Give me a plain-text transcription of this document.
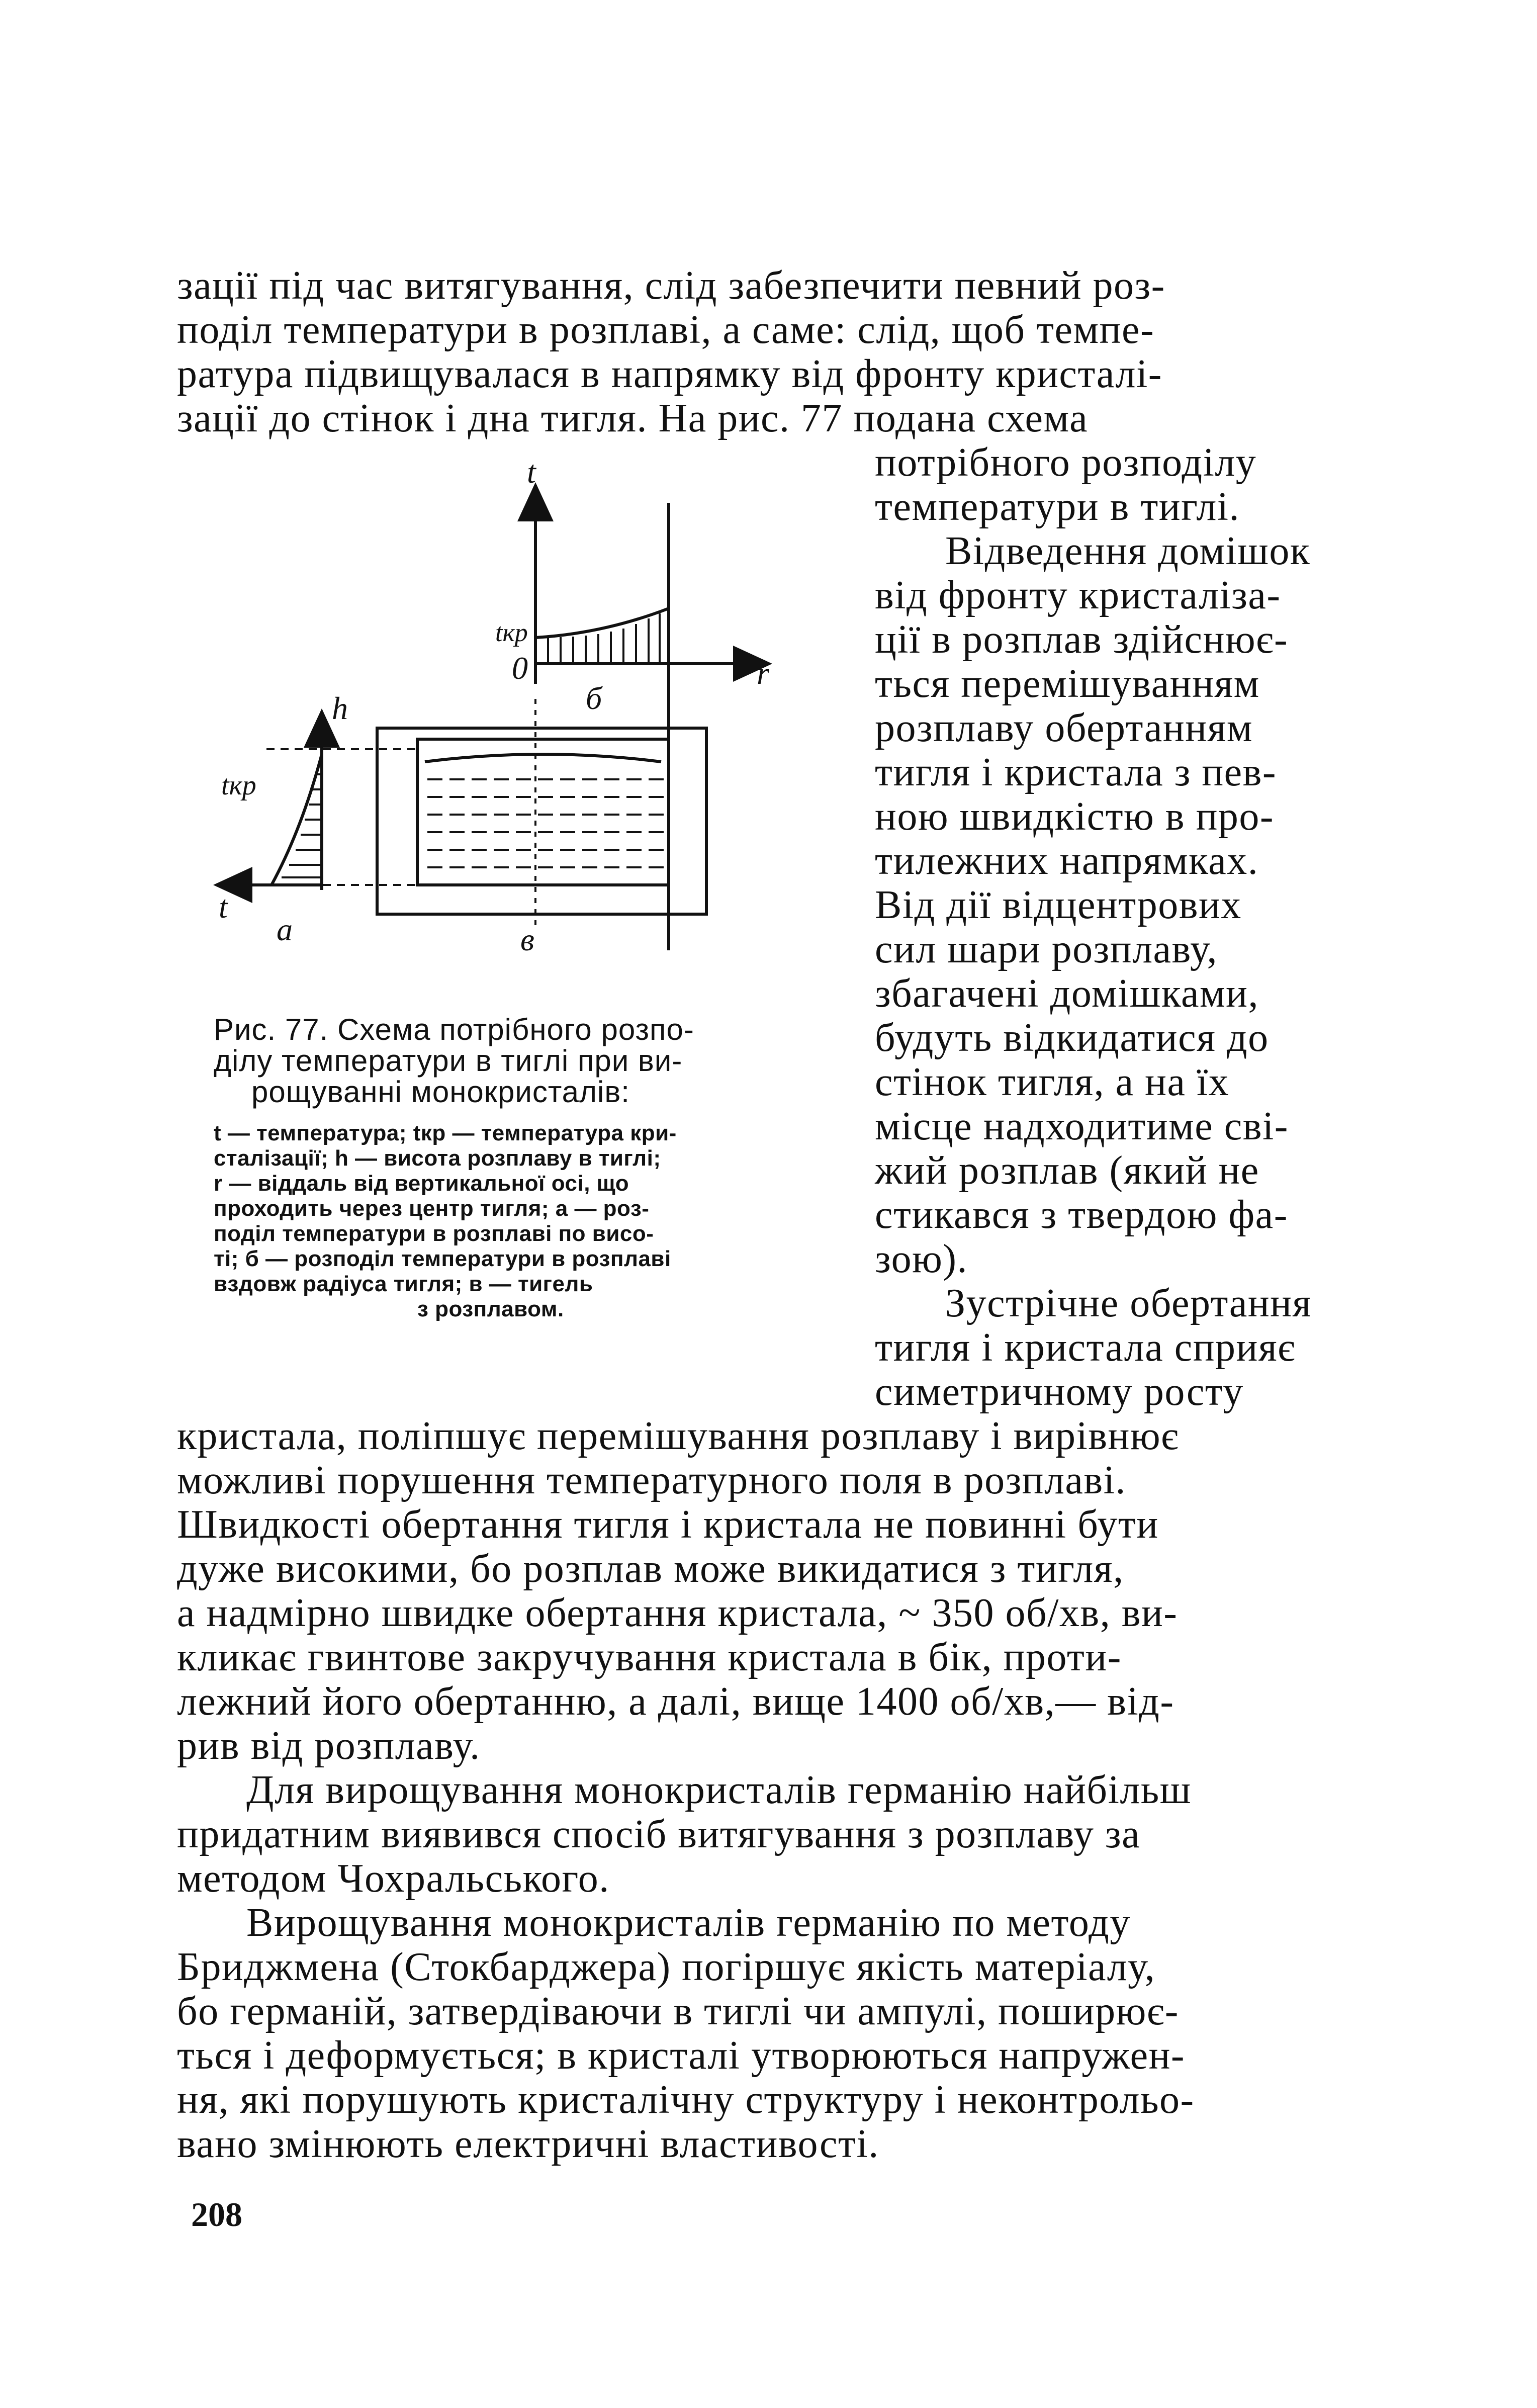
зації під час витягування, слід забезпечити певний роз-
поділ температури в розплаві, а саме: слід, щоб темпе-
ратура підвищувалася в напрямку від фронту кристалі-
зації до стінок і дна тигля. На рис. 77 подана схема
потрібного розподілу
температури в тиглі.
Відведення домішок
від фронту кристаліза-
ції в розплав здійснює-
ться перемішуванням
розплаву обертанням
тигля і кристала з пев-
ною швидкістю в про-
тилежних напрямках.
Від дії відцентрових
сил шари розплаву,
збагачені домішками,
будуть відкидатися до
стінок тигля, а на їх
місце надходитиме сві-
жий розплав (який не
стикався з твердою фа-
зою).
Зустрічне обертання
тигля і кристала сприяє
симетричному росту
кристала, поліпшує перемішування розплаву і вирівнює
можливі порушення температурного поля в розплаві.
Швидкості обертання тигля і кристала не повинні бути
дуже високими, бо розплав може викидатися з тигля,
а надмірно швидке обертання кристала, ~ 350 об/хв, ви-
кликає гвинтове закручування кристала в бік, проти-
лежний його обертанню, а далі, вище 1400 об/хв,— від-
рив від розплаву.
Для вирощування монокристалів германію найбільш
придатним виявився спосіб витягування з розплаву за
методом Чохральського.
Вирощування монокристалів германію по методу
Бриджмена (Стокбарджера) погіршує якість матеріалу,
бо германій, затвердіваючи в тиглі чи ампулі, поширює-
ться і деформується; в кристалі утворюються напружен-
ня, які порушують кристалічну структуру і неконтрольо-
вано змінюють електричні властивості.
t
tкр
0	r
б
h
tкр
t
а	в
Рис. 77. Схема потрібного розпо-
ділу температури в тиглі при ви-
рощуванні монокристалів:
t — температура; tкр — температура кри-
сталізації; h — висота розплаву в тиглі;
r — віддаль від вертикальної осі, що
проходить через центр тигля; а — роз-
поділ температури в розплаві по висо-
ті; б — розподіл температури в розплаві
вздовж радіуса тигля; в — тигель
з розплавом.
208
